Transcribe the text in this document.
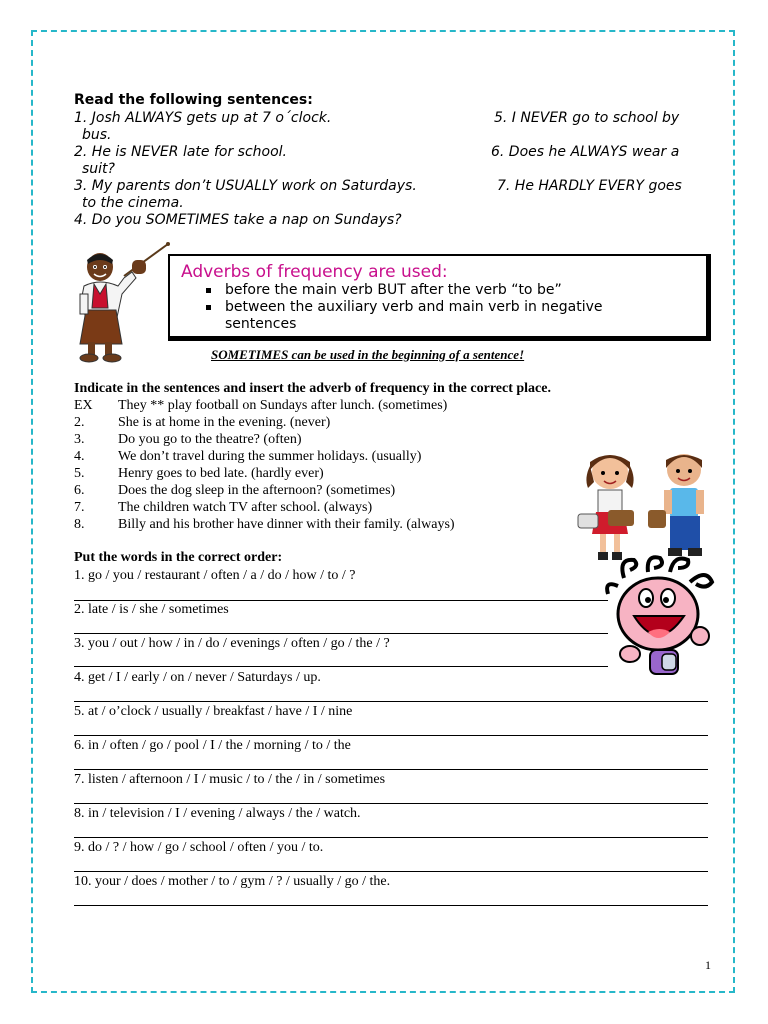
Read the following sentences:
1. Josh ALWAYS gets up at 7 o´clock.
bus.
2. He is NEVER late for school.
suit?
3. My parents don’t USUALLY work on Saturdays.
to the cinema.
4. Do you SOMETIMES take a nap on Sundays?
5. I NEVER go to school by
6. Does he ALWAYS wear a
7. He HARDLY EVERY goes
Adverbs of frequency are used:
before the main verb BUT after the verb “to be”
between the auxiliary verb and main verb in negative
sentences
SOMETIMES can be used in the beginning of a sentence!
Indicate in the sentences and insert the adverb of frequency in the correct place.
EX They ** play football on Sundays after lunch. (sometimes)
2. She is at home in the evening. (never)
3. Do you go to the theatre? (often)
4. We don’t travel during the summer holidays. (usually)
5. Henry goes to bed late. (hardly ever)
6. Does the dog sleep in the afternoon? (sometimes)
7. The children watch TV after school. (always)
8. Billy and his brother have dinner with their family. (always)
Put the words in the correct order:
1. go / you / restaurant / often / a / do / how / to / ?
2. late / is / she / sometimes
3. you / out / how / in / do / evenings / often / go / the / ?
4. get / I / early / on / never / Saturdays / up.
5. at / o’clock / usually / breakfast / have / I / nine
6. in / often / go / pool / I / the / morning / to / the
7. listen / afternoon / I / music / to / the / in / sometimes
8. in / television / I / evening / always / the / watch.
9. do / ? / how / go / school / often / you / to.
10. your / does / mother / to / gym / ? / usually / go / the.
1
